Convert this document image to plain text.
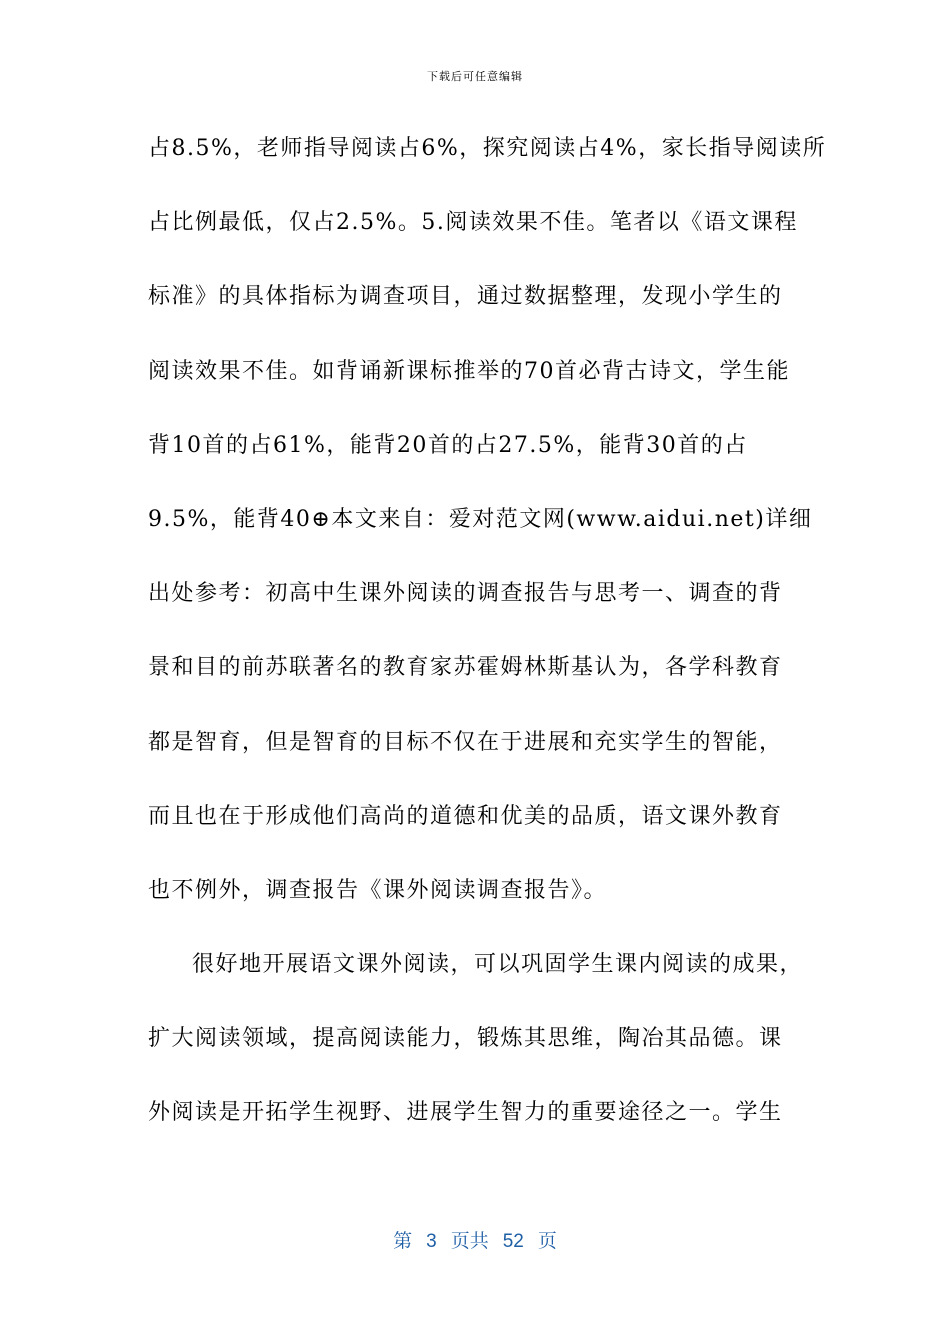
下载后可任意编辑
占8.5%，老师指导阅读占6%，探究阅读占4%，家长指导阅读所
占比例最低，仅占2.5%。5.阅读效果不佳。笔者以《语文课程
标准》的具体指标为调查项目，通过数据整理，发现小学生的
阅读效果不佳。如背诵新课标推举的70首必背古诗文，学生能
背10首的占61%，能背20首的占27.5%，能背30首的占
9.5%，能背40⊕本文来自：爱对范文网(www.aidui.net)详细
出处参考：初高中生课外阅读的调查报告与思考一、调查的背
景和目的前苏联著名的教育家苏霍姆林斯基认为，各学科教育
都是智育，但是智育的目标不仅在于进展和充实学生的智能，
而且也在于形成他们高尚的道德和优美的品质，语文课外教育
也不例外，调查报告《课外阅读调查报告》。
很好地开展语文课外阅读，可以巩固学生课内阅读的成果，
扩大阅读领域，提高阅读能力，锻炼其思维，陶冶其品德。课
外阅读是开拓学生视野、进展学生智力的重要途径之一。学生
第 3 页共 52 页
